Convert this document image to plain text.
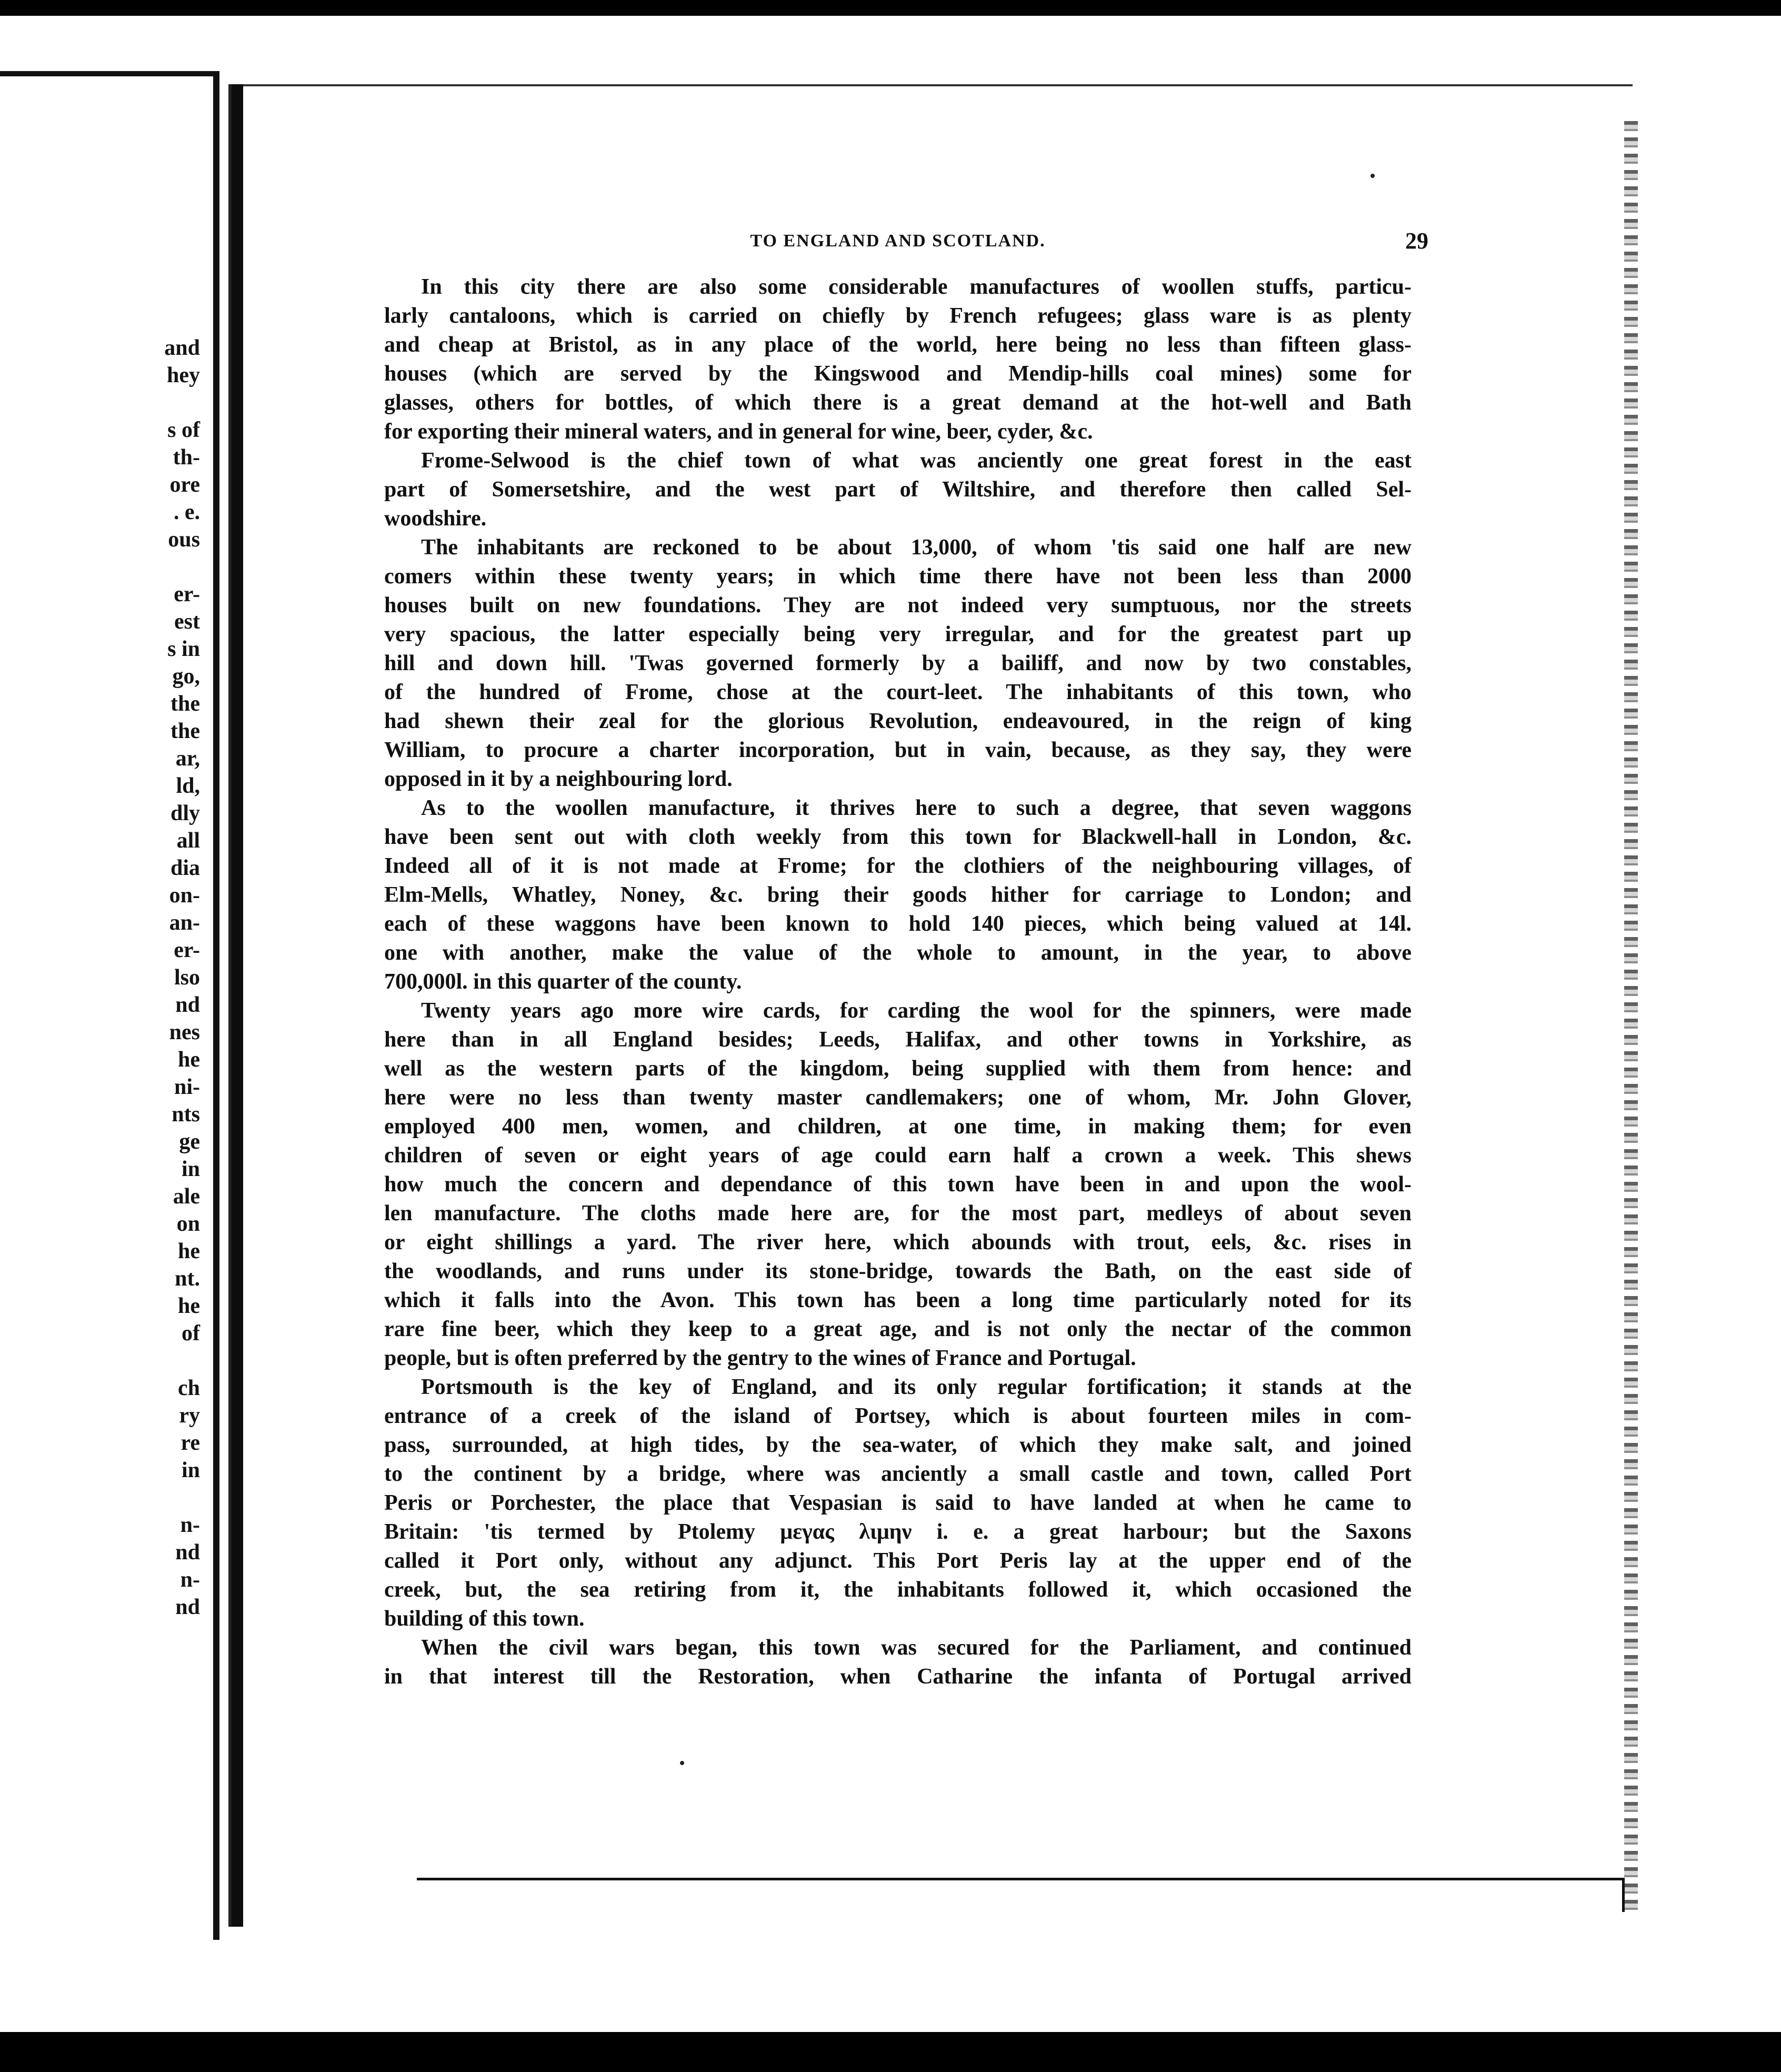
and
hey
s of
th-
ore
. e.
ous
er-
est
s in
go,
the
the
ar,
ld,
dly
all
dia
on-
an-
er-
lso
nd
nes
he
ni-
nts
ge
in
ale
on
he
nt.
he
of
ch
ry
re
in
n-
nd
n-
nd
TO ENGLAND AND SCOTLAND.	29
In this city there are also some considerable manufactures of woollen stuffs, particu-
larly cantaloons, which is carried on chiefly by French refugees; glass ware is as plenty
and cheap at Bristol, as in any place of the world, here being no less than fifteen glass-
houses (which are served by the Kingswood and Mendip-hills coal mines) some for
glasses, others for bottles, of which there is a great demand at the hot-well and Bath
for exporting their mineral waters, and in general for wine, beer, cyder, &c.
Frome-Selwood is the chief town of what was anciently one great forest in the east
part of Somersetshire, and the west part of Wiltshire, and therefore then called Sel-
woodshire.
The inhabitants are reckoned to be about 13,000, of whom 'tis said one half are new
comers within these twenty years; in which time there have not been less than 2000
houses built on new foundations. They are not indeed very sumptuous, nor the streets
very spacious, the latter especially being very irregular, and for the greatest part up
hill and down hill. 'Twas governed formerly by a bailiff, and now by two constables,
of the hundred of Frome, chose at the court-leet. The inhabitants of this town, who
had shewn their zeal for the glorious Revolution, endeavoured, in the reign of king
William, to procure a charter incorporation, but in vain, because, as they say, they were
opposed in it by a neighbouring lord.
As to the woollen manufacture, it thrives here to such a degree, that seven waggons
have been sent out with cloth weekly from this town for Blackwell-hall in London, &c.
Indeed all of it is not made at Frome; for the clothiers of the neighbouring villages, of
Elm-Mells, Whatley, Noney, &c. bring their goods hither for carriage to London; and
each of these waggons have been known to hold 140 pieces, which being valued at 14l.
one with another, make the value of the whole to amount, in the year, to above
700,000l. in this quarter of the county.
Twenty years ago more wire cards, for carding the wool for the spinners, were made
here than in all England besides; Leeds, Halifax, and other towns in Yorkshire, as
well as the western parts of the kingdom, being supplied with them from hence: and
here were no less than twenty master candlemakers; one of whom, Mr. John Glover,
employed 400 men, women, and children, at one time, in making them; for even
children of seven or eight years of age could earn half a crown a week. This shews
how much the concern and dependance of this town have been in and upon the wool-
len manufacture. The cloths made here are, for the most part, medleys of about seven
or eight shillings a yard. The river here, which abounds with trout, eels, &c. rises in
the woodlands, and runs under its stone-bridge, towards the Bath, on the east side of
which it falls into the Avon. This town has been a long time particularly noted for its
rare fine beer, which they keep to a great age, and is not only the nectar of the common
people, but is often preferred by the gentry to the wines of France and Portugal.
Portsmouth is the key of England, and its only regular fortification; it stands at the
entrance of a creek of the island of Portsey, which is about fourteen miles in com-
pass, surrounded, at high tides, by the sea-water, of which they make salt, and joined
to the continent by a bridge, where was anciently a small castle and town, called Port
Peris or Porchester, the place that Vespasian is said to have landed at when he came to
Britain: 'tis termed by Ptolemy μεγας λιμην i. e. a great harbour; but the Saxons
called it Port only, without any adjunct. This Port Peris lay at the upper end of the
creek, but, the sea retiring from it, the inhabitants followed it, which occasioned the
building of this town.
When the civil wars began, this town was secured for the Parliament, and continued
in that interest till the Restoration, when Catharine the infanta of Portugal arrived
